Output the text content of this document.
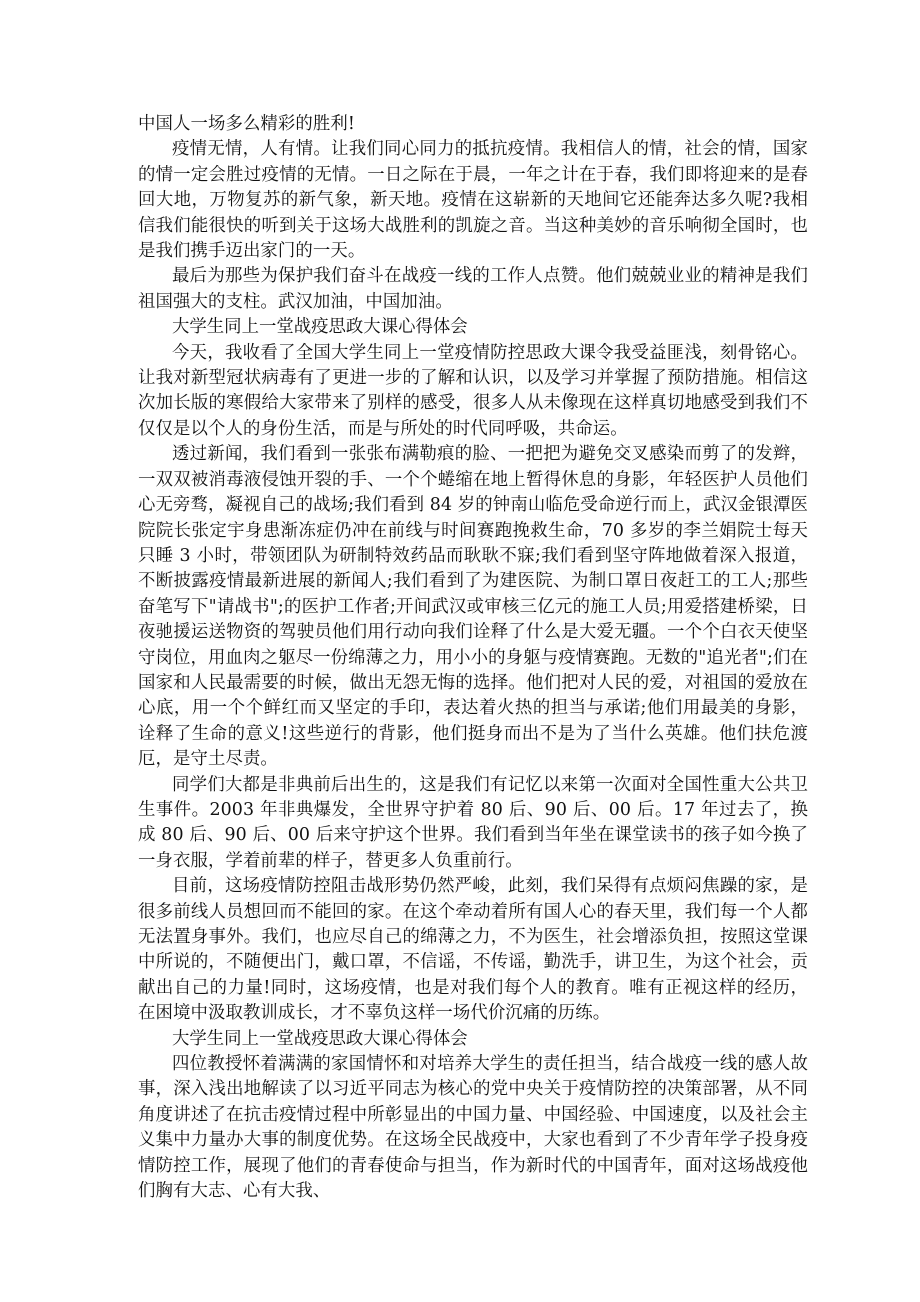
中国人一场多么精彩的胜利!

疫情无情，人有情。让我们同心同力的抵抗疫情。我相信人的情，社会的情，国家的情一定会胜过疫情的无情。一日之际在于晨，一年之计在于春，我们即将迎来的是春回大地，万物复苏的新气象，新天地。疫情在这崭新的天地间它还能奔达多久呢?我相信我们能很快的听到关于这场大战胜利的凯旋之音。当这种美妙的音乐响彻全国时，也是我们携手迈出家门的一天。

最后为那些为保护我们奋斗在战疫一线的工作人点赞。他们兢兢业业的精神是我们祖国强大的支柱。武汉加油，中国加油。

大学生同上一堂战疫思政大课心得体会

今天，我收看了全国大学生同上一堂疫情防控思政大课令我受益匪浅，刻骨铭心。让我对新型冠状病毒有了更进一步的了解和认识，以及学习并掌握了预防措施。相信这次加长版的寒假给大家带来了别样的感受，很多人从未像现在这样真切地感受到我们不仅仅是以个人的身份生活，而是与所处的时代同呼吸，共命运。

透过新闻，我们看到一张张布满勒痕的脸、一把把为避免交叉感染而剪了的发辫，一双双被消毒液侵蚀开裂的手、一个个蜷缩在地上暂得休息的身影，年轻医护人员他们心无旁骛，凝视自己的战场;我们看到 84 岁的钟南山临危受命逆行而上，武汉金银潭医院院长张定宇身患渐冻症仍冲在前线与时间赛跑挽救生命，70 多岁的李兰娟院士每天只睡 3 小时，带领团队为研制特效药品而耿耿不寐;我们看到坚守阵地做着深入报道，不断披露疫情最新进展的新闻人;我们看到了为建医院、为制口罩日夜赶工的工人;那些奋笔写下"请战书";的医护工作者;开间武汉或审核三亿元的施工人员;用爱搭建桥梁，日夜驰援运送物资的驾驶员他们用行动向我们诠释了什么是大爱无疆。一个个白衣天使坚守岗位，用血肉之躯尽一份绵薄之力，用小小的身躯与疫情赛跑。无数的"追光者";们在国家和人民最需要的时候，做出无怨无悔的选择。他们把对人民的爱，对祖国的爱放在心底，用一个个鲜红而又坚定的手印，表达着火热的担当与承诺;他们用最美的身影，诠释了生命的意义!这些逆行的背影，他们挺身而出不是为了当什么英雄。他们扶危渡厄，是守土尽责。

同学们大都是非典前后出生的，这是我们有记忆以来第一次面对全国性重大公共卫生事件。2003 年非典爆发，全世界守护着 80 后、90 后、00 后。17 年过去了，换成 80 后、90 后、00 后来守护这个世界。我们看到当年坐在课堂读书的孩子如今换了一身衣服，学着前辈的样子，替更多人负重前行。

目前，这场疫情防控阻击战形势仍然严峻，此刻，我们呆得有点烦闷焦躁的家，是很多前线人员想回而不能回的家。在这个牵动着所有国人心的春天里，我们每一个人都无法置身事外。我们，也应尽自己的绵薄之力，不为医生，社会增添负担，按照这堂课中所说的，不随便出门，戴口罩，不信谣，不传谣，勤洗手，讲卫生，为这个社会，贡献出自己的力量!同时，这场疫情，也是对我们每个人的教育。唯有正视这样的经历，在困境中汲取教训成长，才不辜负这样一场代价沉痛的历练。

大学生同上一堂战疫思政大课心得体会

四位教授怀着满满的家国情怀和对培养大学生的责任担当，结合战疫一线的感人故事，深入浅出地解读了以习近平同志为核心的党中央关于疫情防控的决策部署，从不同角度讲述了在抗击疫情过程中所彰显出的中国力量、中国经验、中国速度，以及社会主义集中力量办大事的制度优势。在这场全民战疫中，大家也看到了不少青年学子投身疫情防控工作，展现了他们的青春使命与担当，作为新时代的中国青年，面对这场战疫他们胸有大志、心有大我、
